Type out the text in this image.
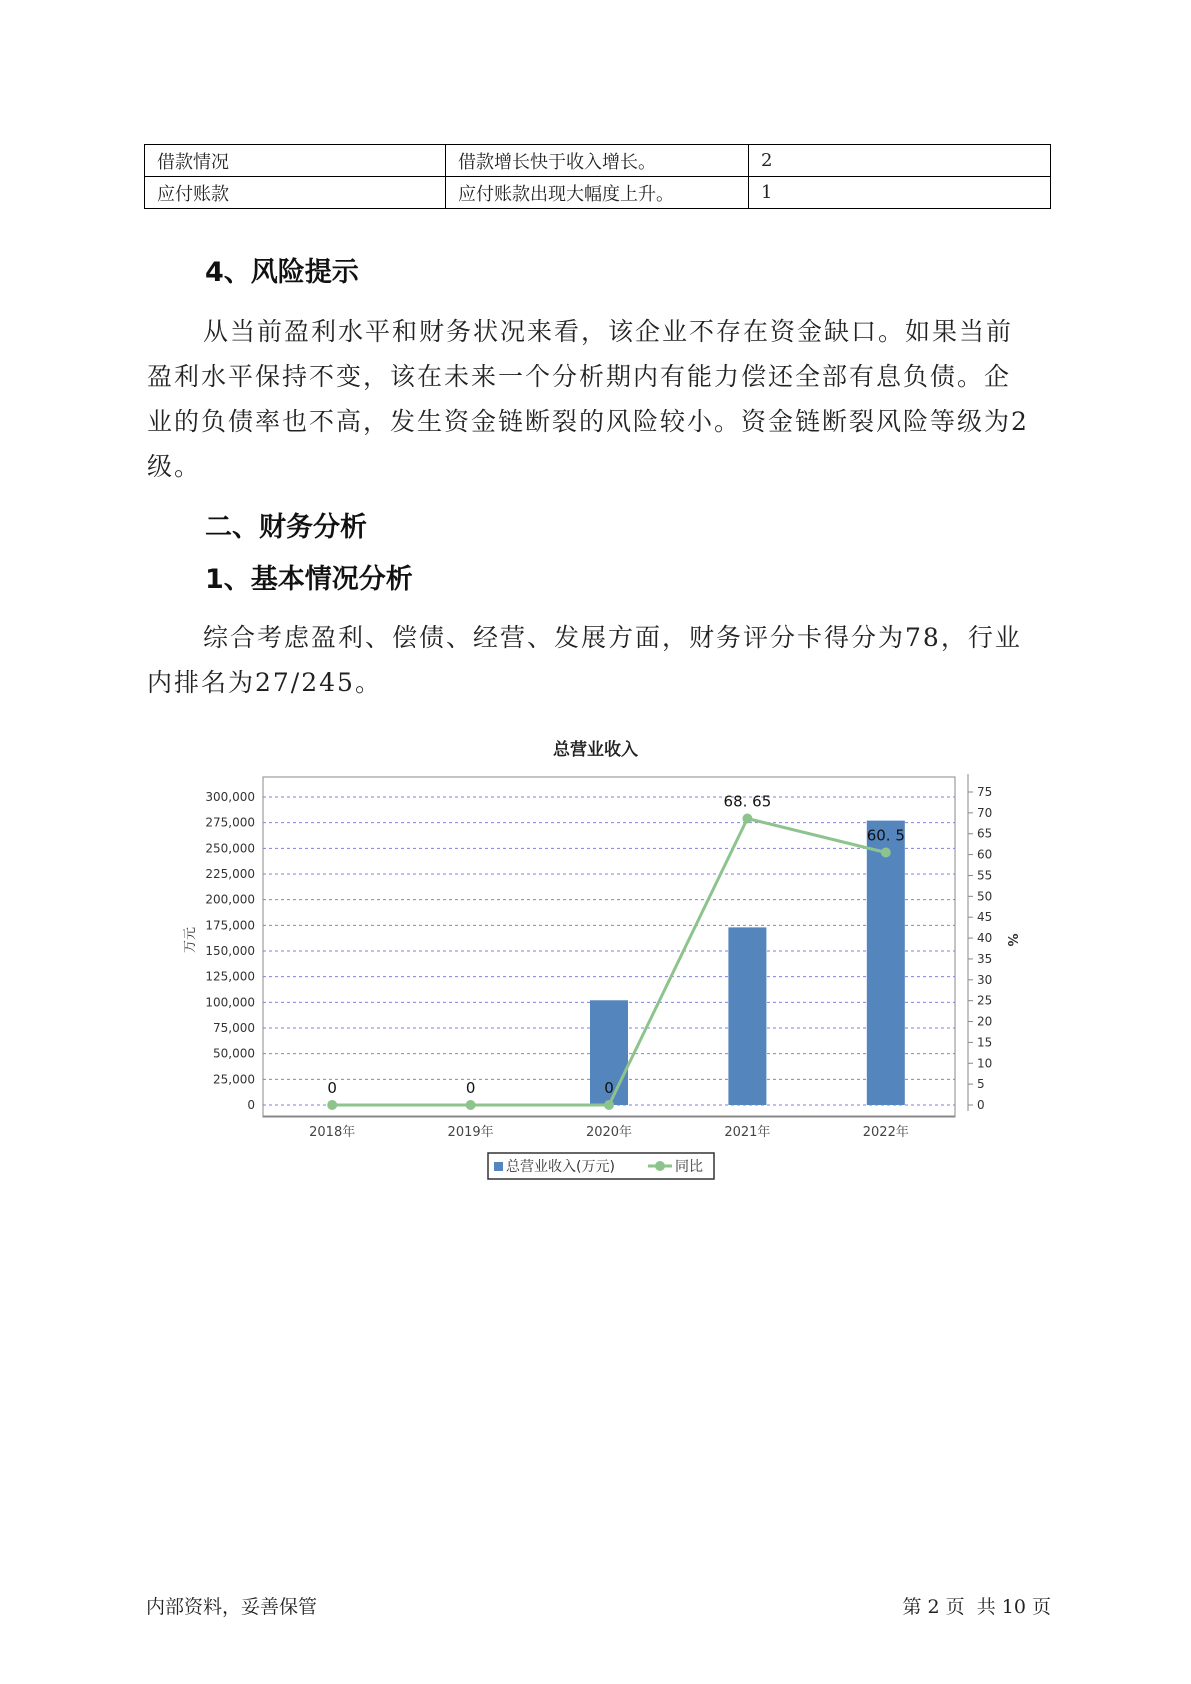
借款情况	借款增长快于收入增长。	2
应付账款	应付账款出现大幅度上升。	1
4、风险提示
从当前盈利水平和财务状况来看，该企业不存在资金缺口。如果当前
盈利水平保持不变，该在未来一个分析期内有能力偿还全部有息负债。企
业的负债率也不高，发生资金链断裂的风险较小。资金链断裂风险等级为2
级。
二、财务分析
1、基本情况分析
综合考虑盈利、偿债、经营、发展方面，财务评分卡得分为78，行业
内排名为27/245。
总营业收入
0
25,000
50,000
75,000
100,000
125,000
150,000
175,000
200,000
225,000
250,000
275,000
300,000
0
5
10
15
20
25
30
35
40
45
50
55
60
65
70
75
万元	%
2018年	2019年	2020年	2021年	2022年
0	0	0
68. 65
60. 5
总营业收入(万元)	同比
内部资料，妥善保管	第 2 页  共 10 页
